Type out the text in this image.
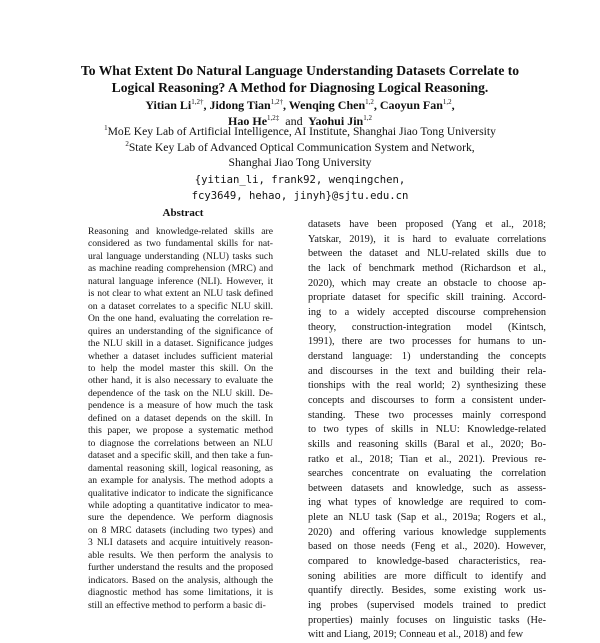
To What Extent Do Natural Language Understanding Datasets Correlate to
Logical Reasoning? A Method for Diagnosing Logical Reasoning.
Yitian $Li^{1,2\dagger}$, Jidong Tian$^{1,2\dagger}$, Wenqing Chen$^{1,2}$, Caoyun Fan$^{1,2}$,
Hao $He^{1,2\ddagger}$ and Yaohui Jin$^{1,2}$
$^1$MoE Key Lab of Artificial Intelligence, AI Institute, Shanghai Jiao Tong University
$^2$State Key Lab of Advanced Optical Communication System and Network,
Shanghai Jiao Tong University
{yitian_li, frank92, wenqingchen,
fcy3649, hehao, jinyh}@sjtu.edu.cn
Abstract
Reasoning and knowledge-related skills are
considered as two fundamental skills for nat-
ural language understanding (NLU) tasks such
as machine reading comprehension (MRC) and
natural language inference (NLI). However, it
is not clear to what extent an NLU task defined
on a dataset correlates to a specific NLU skill.
On the one hand, evaluating the correlation re-
quires an understanding of the significance of
the NLU skill in a dataset. Significance judges
whether a dataset includes sufficient material
to help the model master this skill. On the
other hand, it is also necessary to evaluate the
dependence of the task on the NLU skill. De-
pendence is a measure of how much the task
defined on a dataset depends on the skill. In
this paper, we propose a systematic method
to diagnose the correlations between an NLU
dataset and a specific skill, and then take a fun-
damental reasoning skill, logical reasoning, as
an example for analysis. The method adopts a
qualitative indicator to indicate the significance
while adopting a quantitative indicator to mea-
sure the dependence. We perform diagnosis
on 8 MRC datasets (including two types) and
3 NLI datasets and acquire intuitively reason-
able results. We then perform the analysis to
further understand the results and the proposed
indicators. Based on the analysis, although the
diagnostic method has some limitations, it is
still an effective method to perform a basic di-
datasets have been proposed (Yang et al., 2018;
Yatskar, 2019), it is hard to evaluate correlations
between the dataset and NLU-related skills due to
the lack of benchmark method (Richardson et al.,
2020), which may create an obstacle to choose ap-
propriate dataset for specific skill training. Accord-
ing to a widely accepted discourse comprehension
theory, construction-integration model (Kintsch,
1991), there are two processes for humans to un-
derstand language: 1) understanding the concepts
and discourses in the text and building their rela-
tionships with the real world; 2) synthesizing these
concepts and discourses to form a consistent under-
standing. These two processes mainly correspond
to two types of skills in NLU: Knowledge-related
skills and reasoning skills (Baral et al., 2020; Bo-
ratko et al., 2018; Tian et al., 2021). Previous re-
searches concentrate on evaluating the correlation
between datasets and knowledge, such as assess-
ing what types of knowledge are required to com-
plete an NLU task (Sap et al., 2019a; Rogers et al.,
2020) and offering various knowledge supplements
based on those needs (Feng et al., 2020). However,
compared to knowledge-based characteristics, rea-
soning abilities are more difficult to identify and
quantify directly. Besides, some existing work us-
ing probes (supervised models trained to predict
properties) mainly focuses on linguistic tasks (He-
witt and Liang, 2019; Conneau et al., 2018) and few
